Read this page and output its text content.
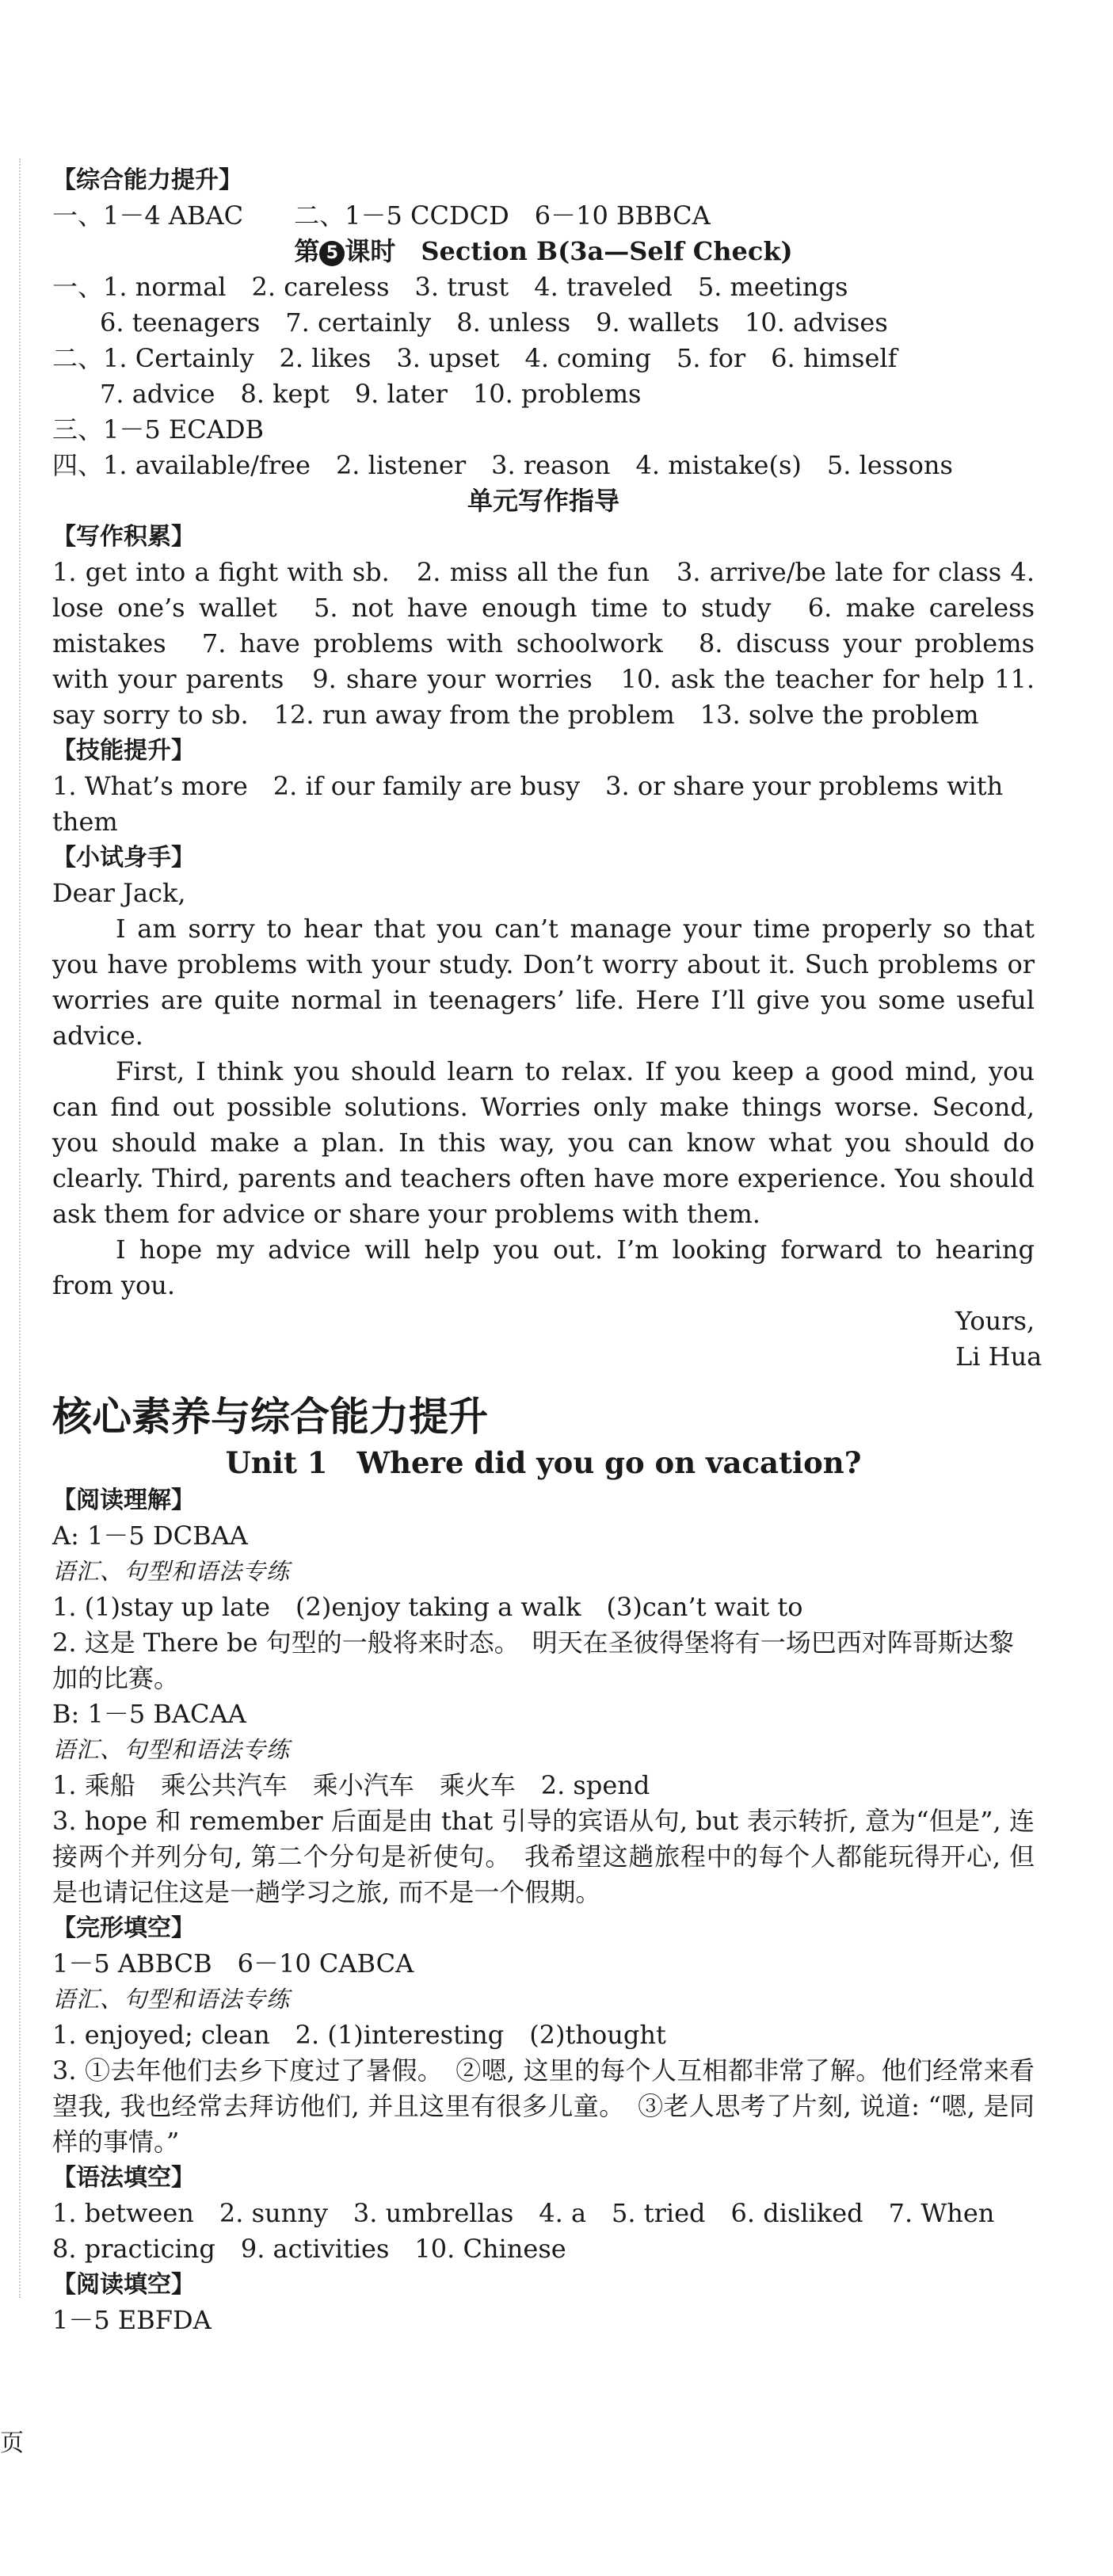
【综合能力提升】
一、1－4 ABAC　　二、1－5 CCDCD　6－10 BBBCA
第 5 课时　Section B(3a—Self Check)
一、1. normal　2. careless　3. trust　4. traveled　5. meetings
6. teenagers　7. certainly　8. unless　9. wallets　10. advises
二、1. Certainly　2. likes　3. upset　4. coming　5. for　6. himself
7. advice　8. kept　9. later　10. problems
三、1－5 ECADB
四、1. available/free　2. listener　3. reason　4. mistake(s)　5. lessons
单元写作指导
【写作积累】
1. get into a fight with sb.　2. miss all the fun　3. arrive/be late for class 4. lose one’s wallet　5. not have enough time to study　6. make careless mistakes　7. have problems with schoolwork　8. discuss your problems with your parents　9. share your worries　10. ask the teacher for help 11. say sorry to sb.　12. run away from the problem　13. solve the problem
【技能提升】
1. What’s more　2. if our family are busy　3. or share your problems with them
【小试身手】
Dear Jack,
I am sorry to hear that you can’t manage your time properly so that you have problems with your study. Don’t worry about it. Such problems or worries are quite normal in teenagers’ life. Here I’ll give you some useful advice.
First, I think you should learn to relax. If you keep a good mind, you can find out possible solutions. Worries only make things worse. Second, you should make a plan. In this way, you can know what you should do clearly. Third, parents and teachers often have more experience. You should ask them for advice or share your problems with them.
I hope my advice will help you out. I’m looking forward to hearing from you.
Yours,
Li Hua
核心素养与综合能力提升
Unit 1　Where did you go on vacation?
【阅读理解】
A: 1－5 DCBAA
语汇、句型和语法专练
1. (1)stay up late　(2)enjoy taking a walk　(3)can’t wait to
2. 这是 There be 句型的一般将来时态。　明天在圣彼得堡将有一场巴西对阵哥斯达黎加的比赛。
B: 1－5 BACAA
语汇、句型和语法专练
1. 乘船　乘公共汽车　乘小汽车　乘火车　2. spend
3. hope 和 remember 后面是由 that 引导的宾语从句, but 表示转折, 意为“但是”, 连接两个并列分句, 第二个分句是祈使句。　我希望这趟旅程中的每个人都能玩得开心, 但是也请记住这是一趟学习之旅, 而不是一个假期。
【完形填空】
1－5 ABBCB　6－10 CABCA
语汇、句型和语法专练
1. enjoyed; clean　2. (1)interesting　(2)thought
3. ①去年他们去乡下度过了暑假。　②嗯, 这里的每个人互相都非常了解。他们经常来看望我, 我也经常去拜访他们, 并且这里有很多儿童。　③老人思考了片刻, 说道: “嗯, 是同样的事情。”
【语法填空】
1. between　2. sunny　3. umbrellas　4. a　5. tried　6. disliked　7. When
8. practicing　9. activities　10. Chinese
【阅读填空】
1－5 EBFDA
页
